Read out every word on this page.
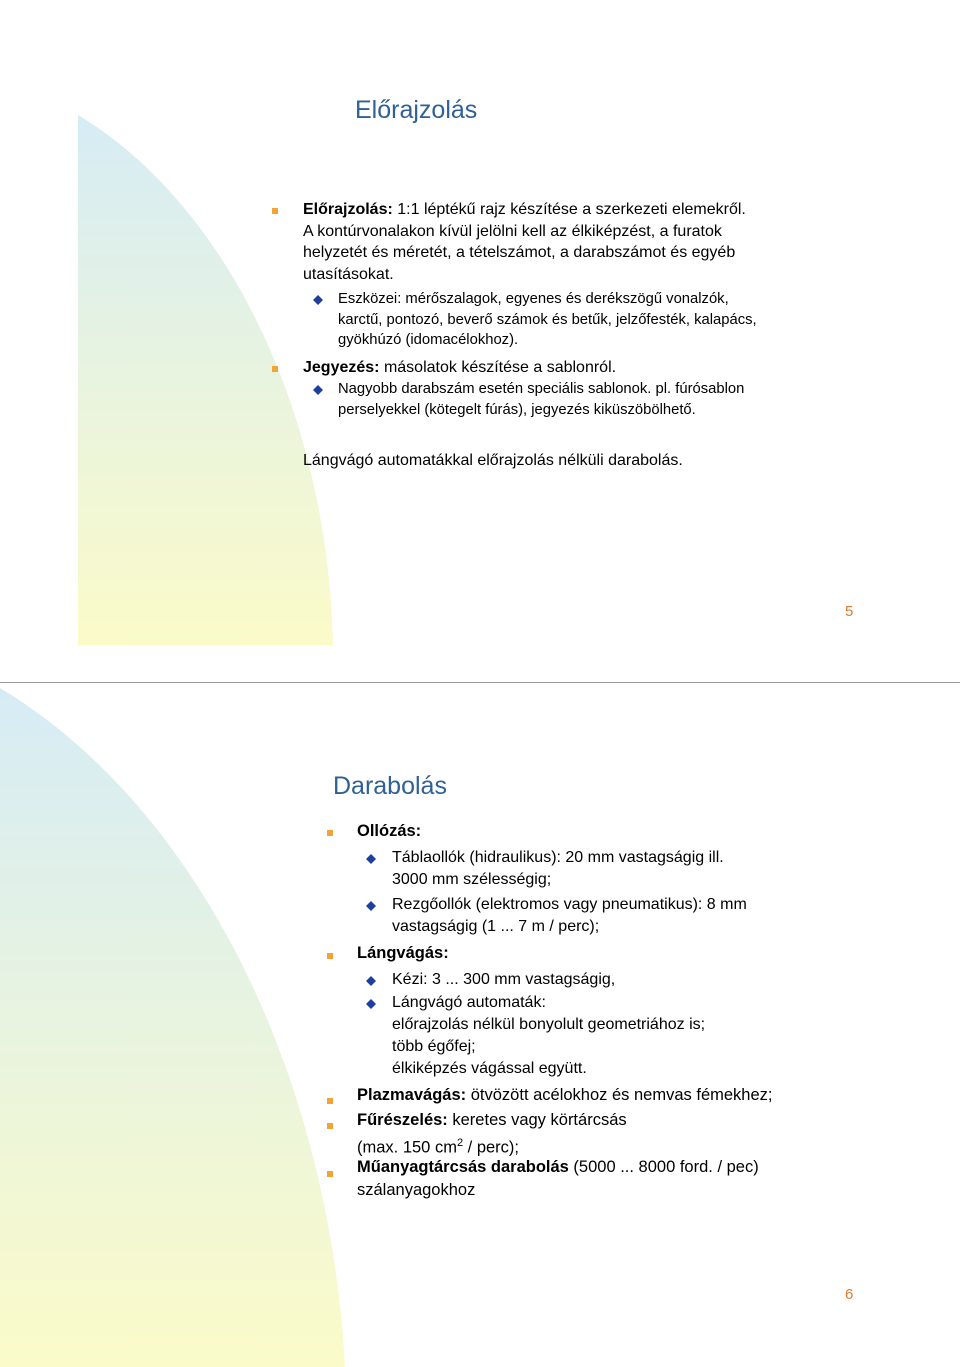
Előrajzolás
Előrajzolás: 1:1 léptékű rajz készítése a szerkezeti elemekről.
A kontúrvonalakon kívül jelölni kell az élkiképzést, a furatok
helyzetét és méretét, a tételszámot, a darabszámot és egyéb
utasításokat.
Eszközei: mérőszalagok, egyenes és derékszögű vonalzók,
karctű, pontozó, beverő számok és betűk, jelzőfesték, kalapács,
gyökhúzó (idomacélokhoz).
Jegyezés: másolatok készítése a sablonról.
Nagyobb darabszám esetén speciális sablonok. pl. fúrósablon
perselyekkel (kötegelt fúrás), jegyezés kiküszöbölhető.
Lángvágó automatákkal előrajzolás nélküli darabolás.
5
Darabolás
Ollózás:
Táblaollók (hidraulikus): 20 mm vastagságig ill.
3000 mm szélességig;
Rezgőollók (elektromos vagy pneumatikus): 8 mm
vastagságig (1 ... 7 m / perc);
Lángvágás:
Kézi: 3 ... 300 mm vastagságig,
Lángvágó automaták:
előrajzolás nélkül bonyolult geometriához is;
több égőfej;
élkiképzés vágással együtt.
Plazmavágás: ötvözött acélokhoz és nemvas fémekhez;
Fűrészelés: keretes vagy körtárcsás
(max. 150 $cm^2$ / perc);
Műanyagtárcsás darabolás (5000 ... 8000 ford. / pec)
szálanyagokhoz
6
